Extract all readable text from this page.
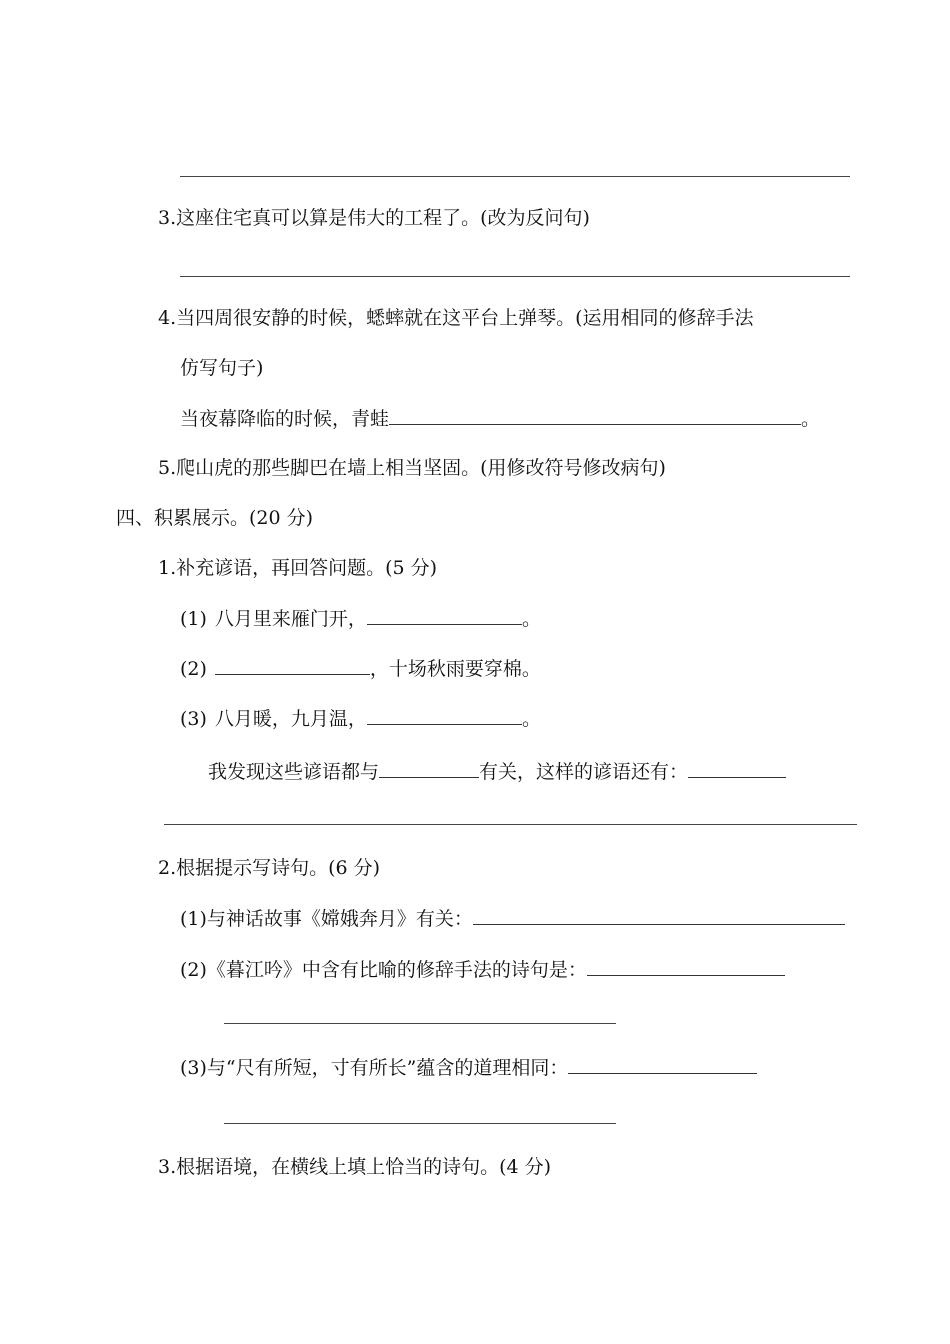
3.这座住宅真可以算是伟大的工程了。(改为反问句)
4.当四周很安静的时候，蟋蟀就在这平台上弹琴。(运用相同的修辞手法
仿写句子)
当夜幕降临的时候，青蛙	。
5.爬山虎的那些脚巴在墙上相当坚固。(用修改符号修改病句)
四、积累展示。(20 分)
1.补充谚语，再回答问题。(5 分)
(1) 八月里来雁门开，	。
(2)	，十场秋雨要穿棉。
(3) 八月暖，九月温，	。
我发现这些谚语都与	有关，这样的谚语还有：
2.根据提示写诗句。(6 分)
(1)与神话故事《嫦娥奔月》有关：
(2)《暮江吟》中含有比喻的修辞手法的诗句是：
(3)与“尺有所短，寸有所长”蕴含的道理相同：
3.根据语境，在横线上填上恰当的诗句。(4 分)
